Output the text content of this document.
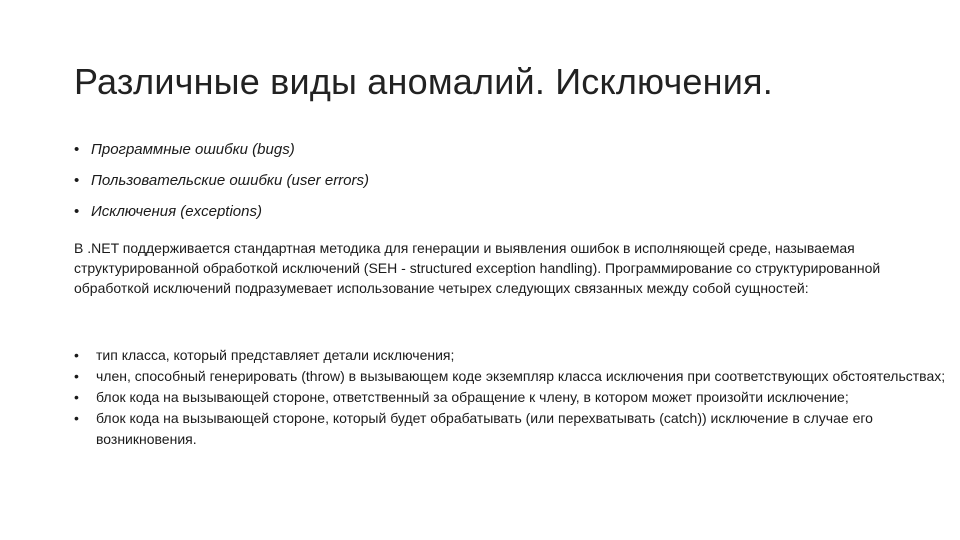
Различные виды аномалий. Исключения.
• Программные ошибки (bugs)
• Пользовательские ошибки (user errors)
• Исключения (exceptions)

В .NET поддерживается стандартная методика для генерации и выявления ошибок в исполняющей среде, называемая структурированной обработкой исключений (SEH - structured exception handling). Программирование со структурированной обработкой исключений подразумевает использование четырех следующих связанных между собой сущностей:

• тип класса, который представляет детали исключения;
• член, способный генерировать (throw) в вызывающем коде экземпляр класса исключения при соответствующих обстоятельствах;
• блок кода на вызывающей стороне, ответственный за обращение к члену, в котором может произойти исключение;
• блок кода на вызывающей стороне, который будет обрабатывать (или перехватывать (catch)) исключение в случае его возникновения.
